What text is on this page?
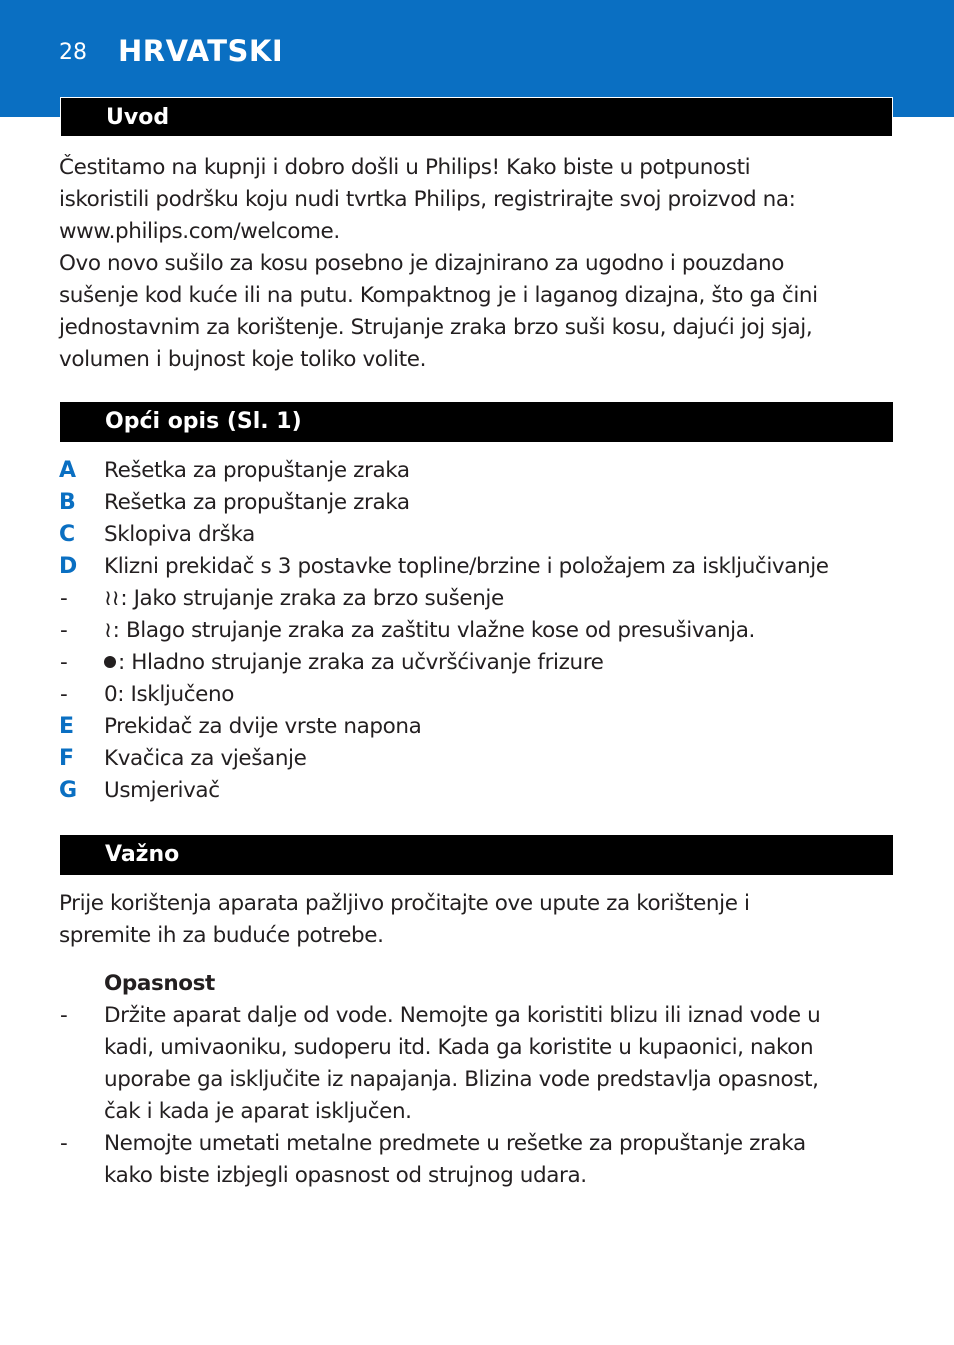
28 HRVATSKI
Uvod

Čestitamo na kupnji i dobro došli u Philips! Kako biste u potpunosti
iskoristili podršku koju nudi tvrtka Philips, registrirajte svoj proizvod na:
www.philips.com/welcome.
Ovo novo sušilo za kosu posebno je dizajnirano za ugodno i pouzdano
sušenje kod kuće ili na putu. Kompaktnog je i laganog dizajna, što ga čini
jednostavnim za korištenje. Strujanje zraka brzo suši kosu, dajući joj sjaj,
volumen i bujnost koje toliko volite.

Opći opis (Sl. 1)
A	Rešetka za propuštanje zraka
B	Rešetka za propuštanje zraka
C	Sklopiva drška
D	Klizni prekidač s 3 postavke topline/brzine i položajem za isključivanje
-	≀≀: Jako strujanje zraka za brzo sušenje
-	≀: Blago strujanje zraka za zaštitu vlažne kose od presušivanja.
-	: Hladno strujanje zraka za učvršćivanje frizure
-	0: Isključeno
E	Prekidač za dvije vrste napona
F	Kvačica za vješanje
G	Usmjerivač
Važno

Prije korištenja aparata pažljivo pročitajte ove upute za korištenje i
spremite ih za buduće potrebe.

Opasnost
- Držite aparat dalje od vode. Nemojte ga koristiti blizu ili iznad vode u
kadi, umivaoniku, sudoperu itd. Kada ga koristite u kupaonici, nakon
uporabe ga isključite iz napajanja. Blizina vode predstavlja opasnost,
čak i kada je aparat isključen.
- Nemojte umetati metalne predmete u rešetke za propuštanje zraka
kako biste izbjegli opasnost od strujnog udara.
